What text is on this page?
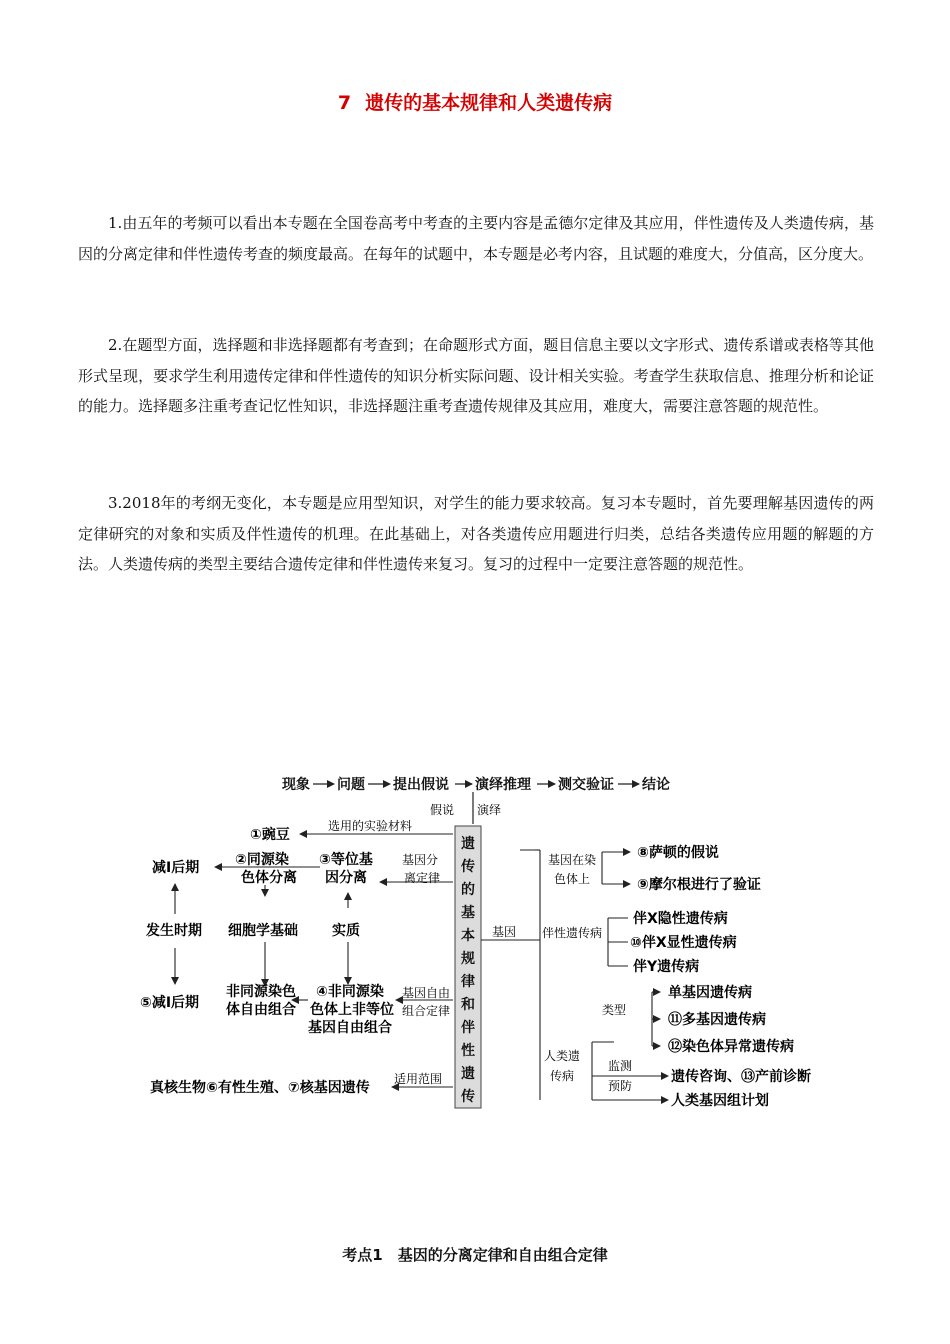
7 遗传的基本规律和人类遗传病

1.由五年的考频可以看出本专题在全国卷高考中考查的主要内容是孟德尔定律及其应用，伴性遗传及人类遗传病，基因的分离定律和伴性遗传考查的频度最高。在每年的试题中，本专题是必考内容，且试题的难度大，分值高，区分度大。

2.在题型方面，选择题和非选择题都有考查到；在命题形式方面，题目信息主要以文字形式、遗传系谱或表格等其他形式呈现，要求学生利用遗传定律和伴性遗传的知识分析实际问题、设计相关实验。考查学生获取信息、推理分析和论证的能力。选择题多注重考查记忆性知识，非选择题注重考查遗传规律及其应用，难度大，需要注意答题的规范性。

3.2018年的考纲无变化，本专题是应用型知识，对学生的能力要求较高。复习本专题时，首先要理解基因遗传的两定律研究的对象和实质及伴性遗传的机理。在此基础上，对各类遗传应用题进行归类，总结各类遗传应用题的解题的方法。人类遗传病的类型主要结合遗传定律和伴性遗传来复习。复习的过程中一定要注意答题的规范性。

现象 问题 提出假说 演绎推理 测交验证 结论
假说 演绎
遗
传
的
基
本
规
律
和
伴
性
遗
传
选用的实验材料
①豌豆
减Ⅰ后期	②同源染
色体分离
③等位基
因分离
基因分
离定律
发生时期 细胞学基础 实质
⑤减Ⅰ后期
非同源染色
体自由组合
④非同源染
色体上非等位
基因自由组合
基因自由
组合定律
适用范围
真核生物⑥有性生殖、⑦核基因遗传
基因
基因在染
色体上
⑧萨顿的假说
⑨摩尔根进行了验证
伴性遗传病
伴X隐性遗传病
⑩伴X显性遗传病
伴Y遗传病
类型
人类遗
传病
单基因遗传病
⑪多基因遗传病
⑫染色体异常遗传病
监测
预防
遗传咨询、⑬产前诊断
人类基因组计划
考点1　基因的分离定律和自由组合定律
